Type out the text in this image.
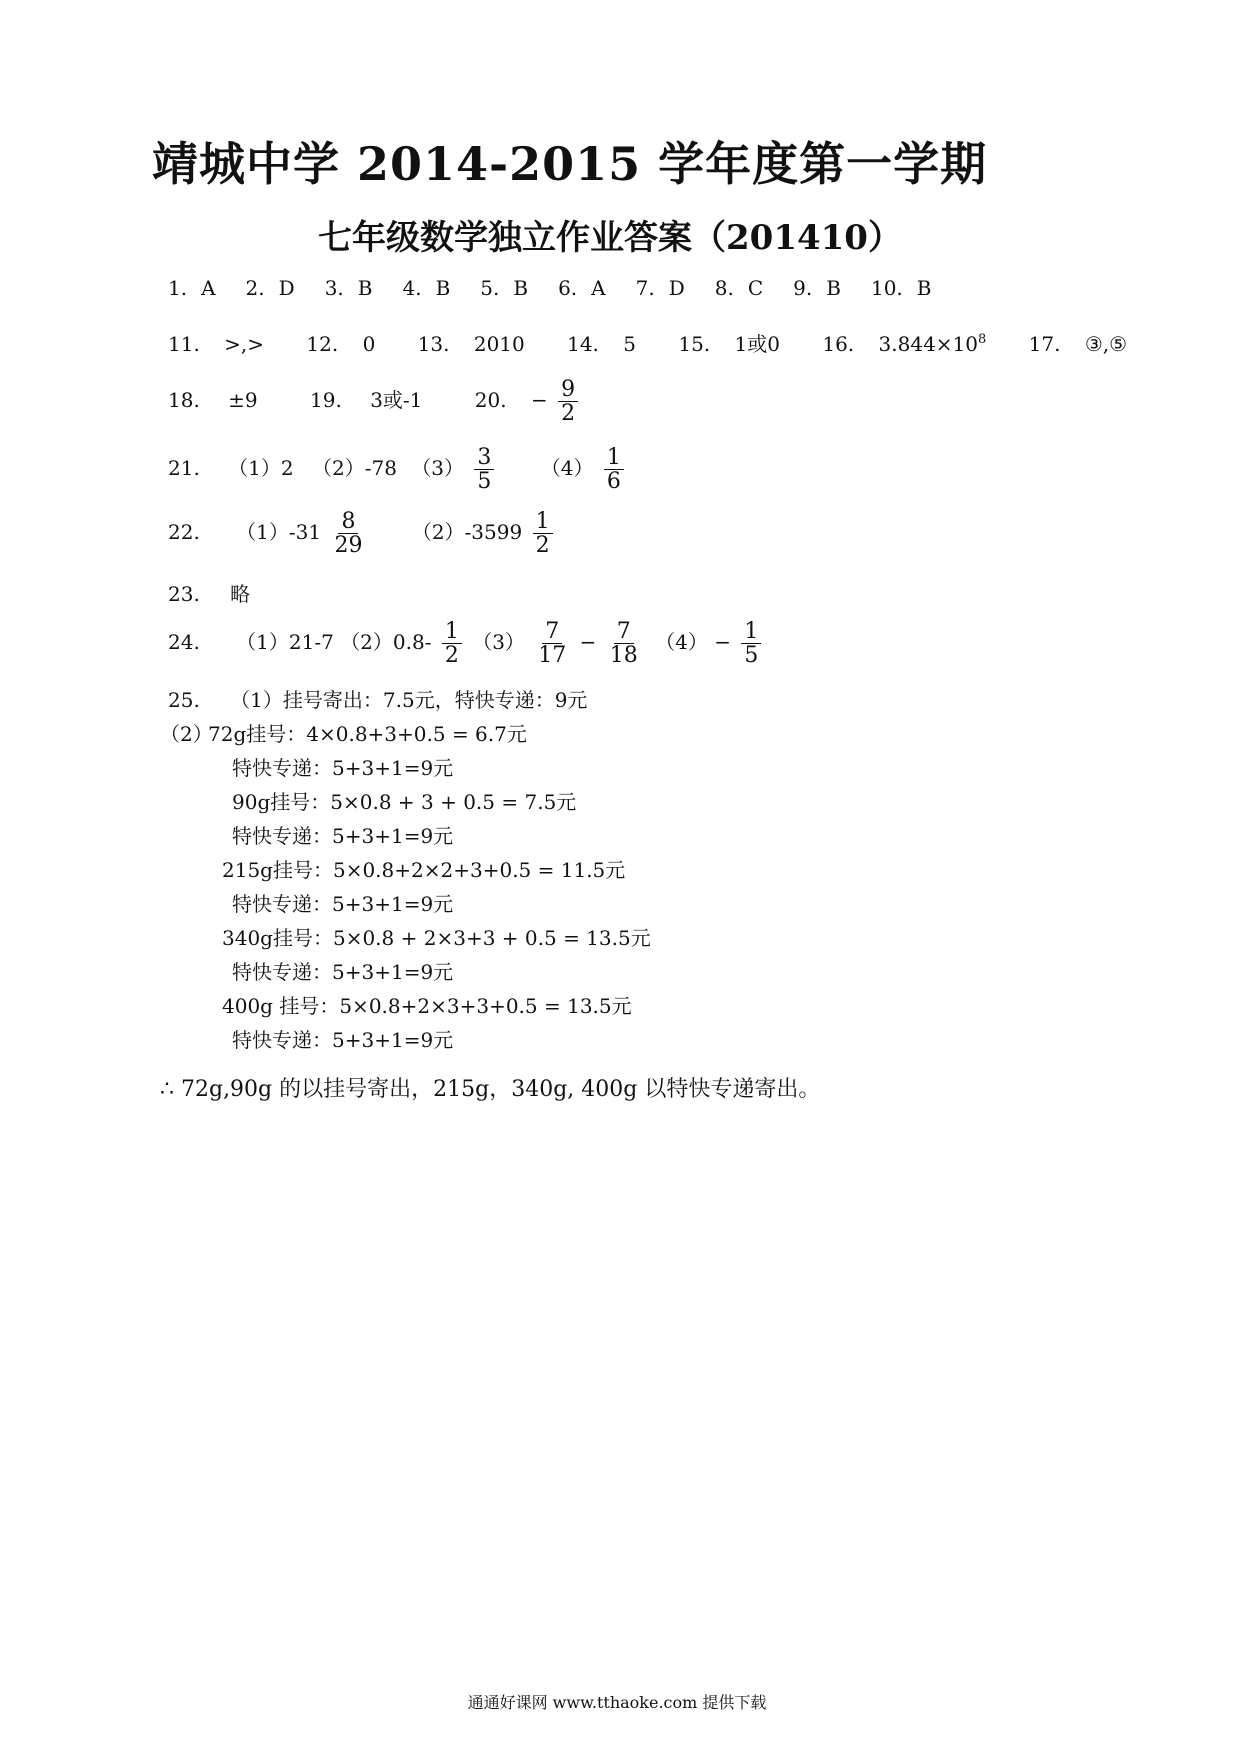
靖城中学 2014-2015 学年度第一学期
七年级数学独立作业答案（201410）
1. A 2. D 3. B 4. B 5. B 6. A 7. D 8. C 9. B 10. B
11. >,> 12. 0 13. 2010 14. 5 15. 1或0 16. $3.844\times 10^8$ 17. ③,⑤
18. ±9	19. 3或-1	20. − $\frac{9}{2}$
21. （1）2 （2）-78 $(3) \frac{3}{5} (4) \frac{1}{6}$
22. $(1)-31 \frac{8}{29} (2)-3599 \frac{1}{2}$
23. 略
24. （1）21-7 $(2)0.8- \frac{1}{2} (3) \frac{7}{17} - \frac{7}{18} (4) - \frac{1}{5}$
25. （1）挂号寄出：7.5元，特快专递：9元
（2）
72g挂号：4×0.8+3+0.5 = 6.7元
特快专递：5+3+1=9元
90g挂号：5×0.8 + 3 + 0.5 = 7.5元
特快专递：5+3+1=9元
215g挂号：5×0.8+2×2+3+0.5 = 11.5元
特快专递：5+3+1=9元
340g挂号：5×0.8 + 2×3+3 + 0.5 = 13.5元
特快专递：5+3+1=9元
400g 挂号：5×0.8+2×3+3+0.5 = 13.5元
特快专递：5+3+1=9元
∴ 72g,90g 的以挂号寄出，215g，340g, 400g 以特快专递寄出。
通通好课网 www.tthaoke.com 提供下载
